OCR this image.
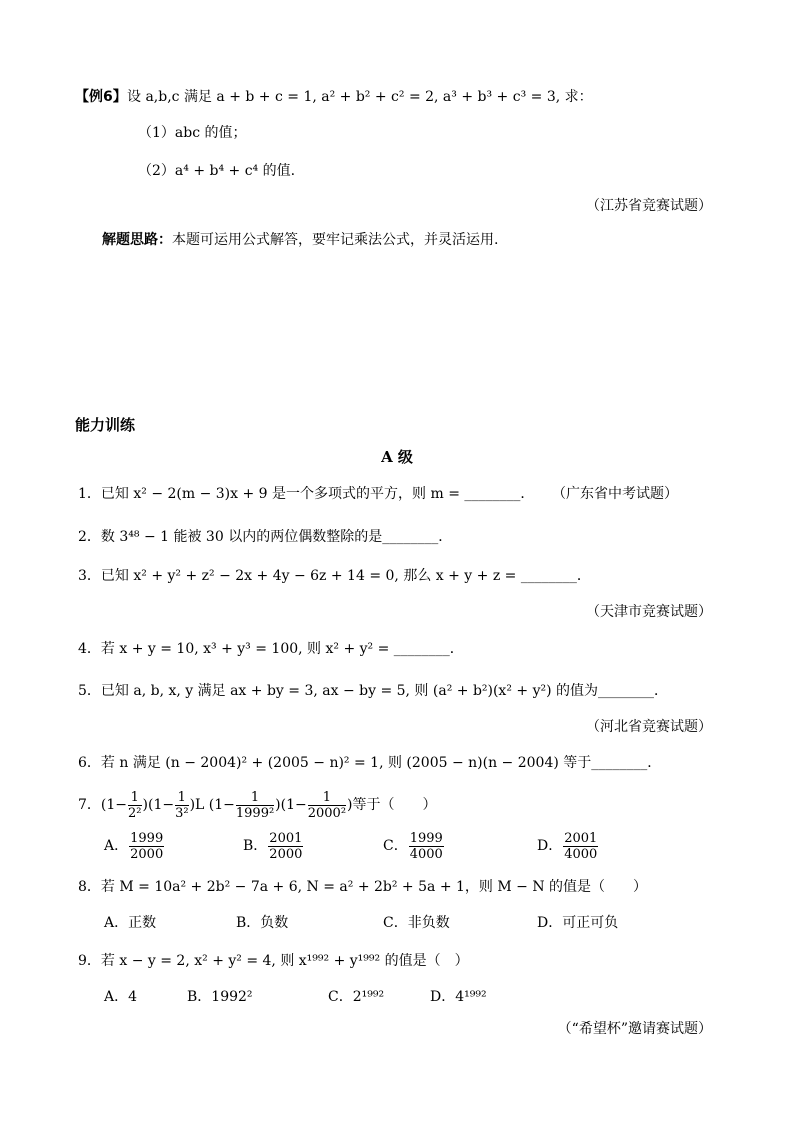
【例6】 设 a,b,c 满足 a + b + c = 1, a² + b² + c² = 2, a³ + b³ + c³ = 3, 求：
（1）abc 的值；
（2）a⁴ + b⁴ + c⁴ 的值.
（江苏省竞赛试题）
解题思路：本题可运用公式解答，要牢记乘法公式，并灵活运用.
能力训练
A 级
1．已知 x² − 2(m − 3)x + 9 是一个多项式的平方，则 m = ________． （广东省中考试题）
2．数 3⁴⁸ − 1 能被 30 以内的两位偶数整除的是________．
3．已知 x² + y² + z² − 2x + 4y − 6z + 14 = 0, 那么 x + y + z = ________．
（天津市竞赛试题）
4．若 x + y = 10, x³ + y³ = 100, 则 x² + y² = ________．
5．已知 a, b, x, y 满足 ax + by = 3, ax − by = 5, 则 (a² + b²)(x² + y²) 的值为________．
（河北省竞赛试题）
6．若 n 满足 (n − 2004)² + (2005 − n)² = 1, 则 (2005 − n)(n − 2004) 等于________．
7．$(1- \frac{1}{\text{2²}} )(1- \frac{1}{\text{3²}} )L$ $(1- \frac{1}{\text{1999²}} )(1- \frac{1}{\text{2000²}}$ )等于（　　）
A． $\frac{1999}{2000}$	B． $\frac{2001}{2000}$	C． $\frac{1999}{4000}$	D． $\frac{2001}{4000}$
8．若 M = 10a² + 2b² − 7a + 6, N = a² + 2b² + 5a + 1，则 M − N 的值是（　　）
A．正数	B．负数	C．非负数	D．可正可负
9．若 x − y = 2, x² + y² = 4, 则 x¹⁹⁹² + y¹⁹⁹² 的值是（　）
A．4	B．1992²	C．2¹⁹⁹²	D．4¹⁹⁹²
（“希望杯”邀请赛试题）
